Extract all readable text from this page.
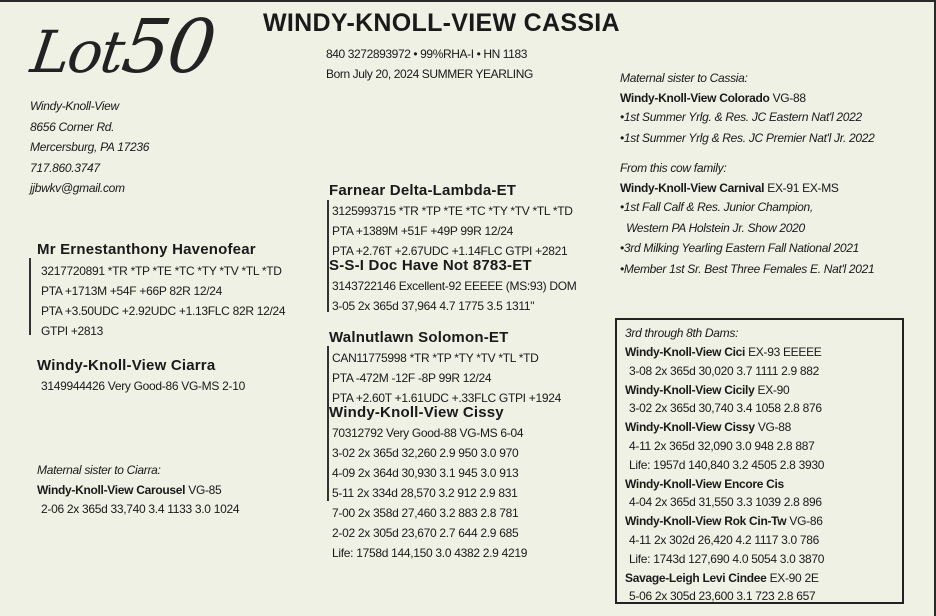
Lot50 WINDY-KNOLL-VIEW CASSIA
840 3272893972 • 99%RHA-I • HN 1183
Born July 20, 2024 SUMMER YEARLING
Windy-Knoll-View
8656 Corner Rd.
Mercersburg, PA 17236
717.860.3747
jjbwkv@gmail.com
Mr Ernestanthony Havenofear
3217720891 *TR *TP *TE *TC *TY *TV *TL *TD
PTA +1713M +54F +66P 82R 12/24
PTA +3.50UDC +2.92UDC +1.13FLC 82R 12/24
GTPI +2813
Windy-Knoll-View Ciarra
3149944426 Very Good-86 VG-MS 2-10
Farnear Delta-Lambda-ET
3125993715 *TR *TP *TE *TC *TY *TV *TL *TD
PTA +1389M +51F +49P 99R 12/24
PTA +2.76T +2.67UDC +1.14FLC GTPI +2821
S-S-I Doc Have Not 8783-ET
3143722146 Excellent-92 EEEEE (MS:93) DOM
3-05 2x 365d 37,964 4.7 1775 3.5 1311"
Walnutlawn Solomon-ET
CAN11775998 *TR *TP *TY *TV *TL *TD
PTA -472M -12F -8P 99R 12/24
PTA +2.60T +1.61UDC +.33FLC GTPI +1924
Windy-Knoll-View Cissy
70312792 Very Good-88 VG-MS 6-04
3-02 2x 365d 32,260 2.9 950 3.0 970
4-09 2x 364d 30,930 3.1 945 3.0 913
5-11 2x 334d 28,570 3.2 912 2.9 831
7-00 2x 358d 27,460 3.2 883 2.8 781
2-02 2x 305d 23,670 2.7 644 2.9 685
Life: 1758d 144,150 3.0 4382 2.9 4219
Maternal sister to Ciarra:
Windy-Knoll-View Carousel VG-85
2-06 2x 365d 33,740 3.4 1133 3.0 1024
Maternal sister to Cassia:
Windy-Knoll-View Colorado VG-88
•1st Summer Yrlg. & Res. JC Eastern Nat'l 2022
•1st Summer Yrlg & Res. JC Premier Nat'l Jr. 2022
From this cow family:
Windy-Knoll-View Carnival EX-91 EX-MS
•1st Fall Calf & Res. Junior Champion,
Western PA Holstein Jr. Show 2020
•3rd Milking Yearling Eastern Fall National 2021
•Member 1st Sr. Best Three Females E. Nat'l 2021
3rd through 8th Dams:
Windy-Knoll-View Cici EX-93 EEEEE
3-08 2x 365d 30,020 3.7 1111 2.9 882
Windy-Knoll-View Cicily EX-90
3-02 2x 365d 30,740 3.4 1058 2.8 876
Windy-Knoll-View Cissy VG-88
4-11 2x 365d 32,090 3.0 948 2.8 887
Life: 1957d 140,840 3.2 4505 2.8 3930
Windy-Knoll-View Encore Cis
4-04 2x 365d 31,550 3.3 1039 2.8 896
Windy-Knoll-View Rok Cin-Tw VG-86
4-11 2x 302d 26,420 4.2 1117 3.0 786
Life: 1743d 127,690 4.0 5054 3.0 3870
Savage-Leigh Levi Cindee EX-90 2E
5-06 2x 305d 23,600 3.1 723 2.8 657
